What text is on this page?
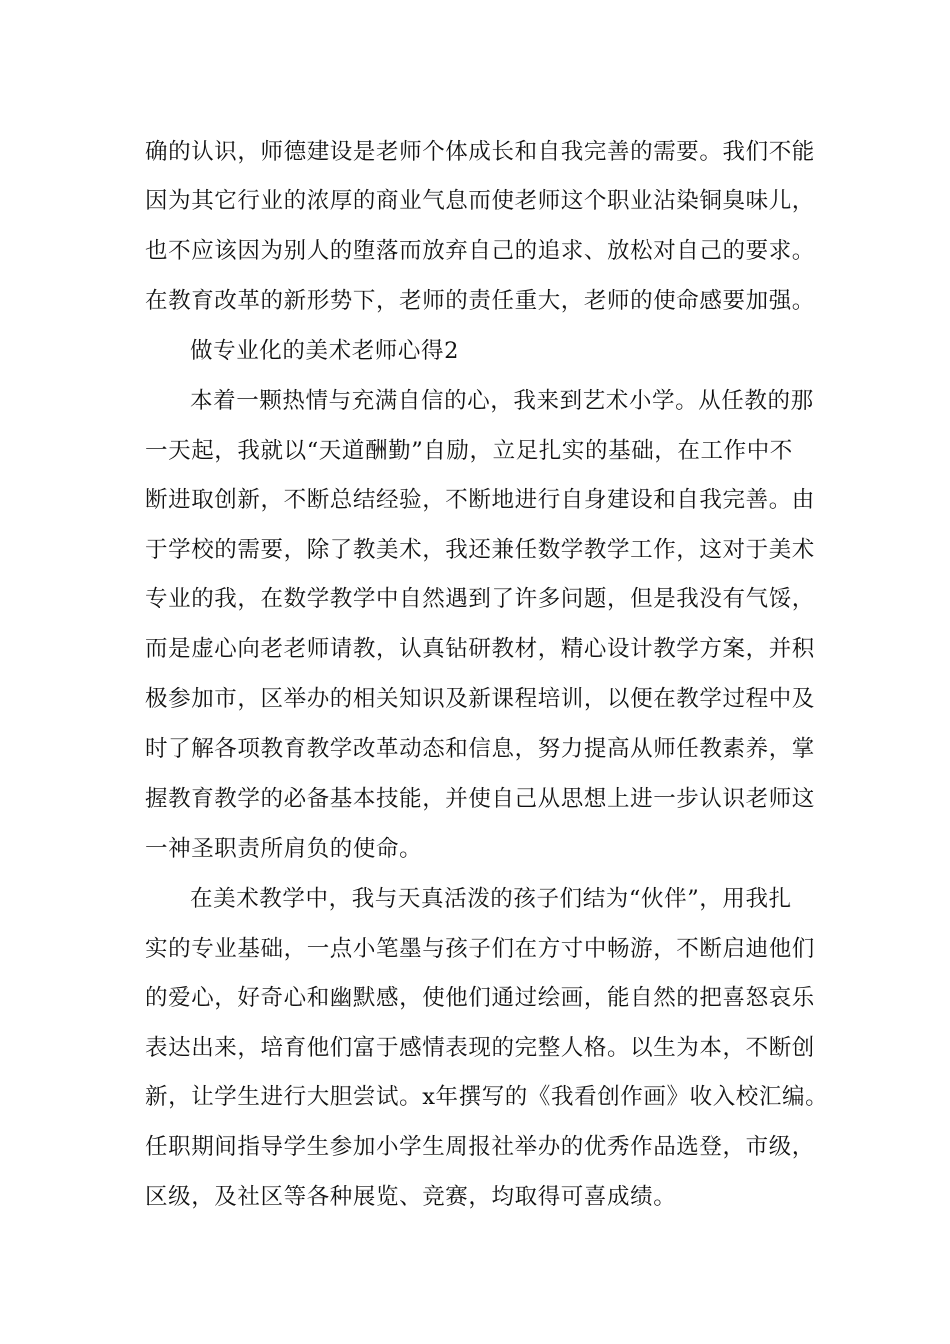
确的认识，师德建设是老师个体成长和自我完善的需要。我们不能
因为其它行业的浓厚的商业气息而使老师这个职业沾染铜臭味儿，
也不应该因为别人的堕落而放弃自己的追求、放松对自己的要求。
在教育改革的新形势下，老师的责任重大，老师的使命感要加强。
做专业化的美术老师心得2
本着一颗热情与充满自信的心，我来到艺术小学。从任教的那
一天起，我就以“天道酬勤”自励，立足扎实的基础，在工作中不
断进取创新，不断总结经验，不断地进行自身建设和自我完善。由
于学校的需要，除了教美术，我还兼任数学教学工作，这对于美术
专业的我，在数学教学中自然遇到了许多问题，但是我没有气馁，
而是虚心向老老师请教，认真钻研教材，精心设计教学方案，并积
极参加市，区举办的相关知识及新课程培训，以便在教学过程中及
时了解各项教育教学改革动态和信息，努力提高从师任教素养，掌
握教育教学的必备基本技能，并使自己从思想上进一步认识老师这
一神圣职责所肩负的使命。
在美术教学中，我与天真活泼的孩子们结为“伙伴”，用我扎
实的专业基础，一点小笔墨与孩子们在方寸中畅游，不断启迪他们
的爱心，好奇心和幽默感，使他们通过绘画，能自然的把喜怒哀乐
表达出来，培育他们富于感情表现的完整人格。以生为本，不断创
新，让学生进行大胆尝试。x年撰写的《我看创作画》收入校汇编。
任职期间指导学生参加小学生周报社举办的优秀作品选登，市级，
区级，及社区等各种展览、竞赛，均取得可喜成绩。
